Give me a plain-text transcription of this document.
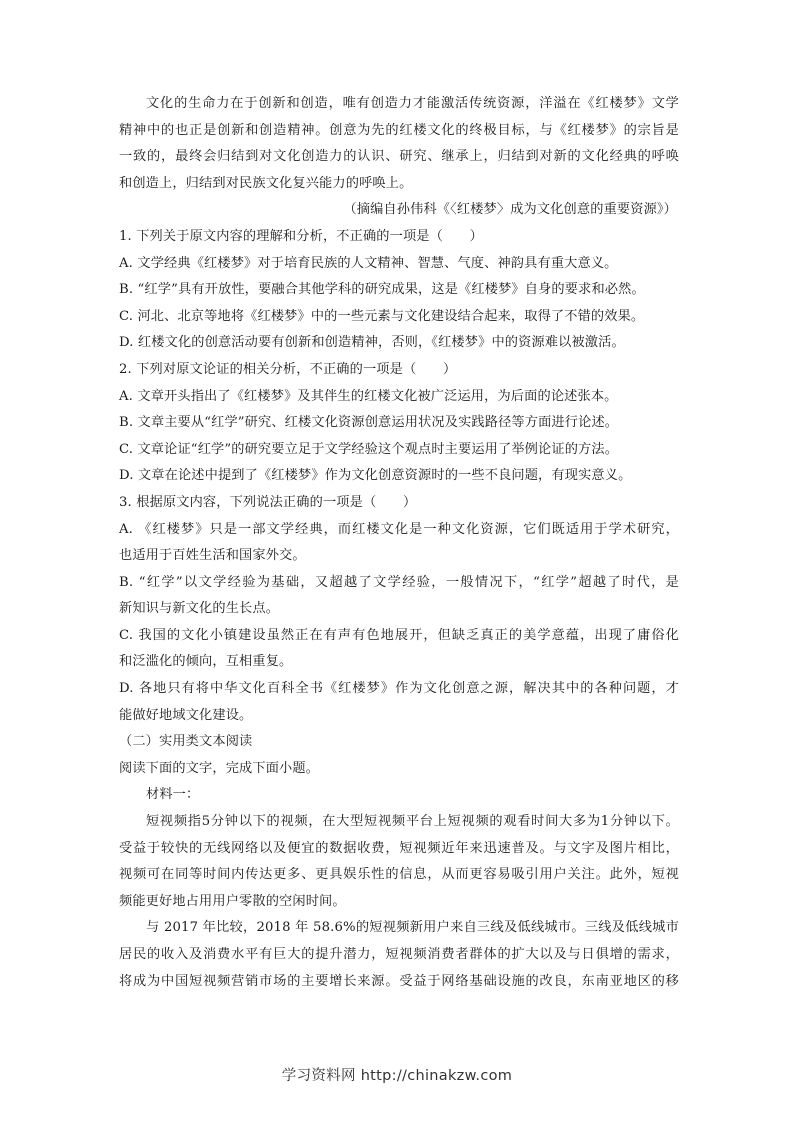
文化的生命力在于创新和创造，唯有创造力才能激活传统资源，洋溢在《红楼梦》文学

精神中的也正是创新和创造精神。创意为先的红楼文化的终极目标，与《红楼梦》的宗旨是

一致的，最终会归结到对文化创造力的认识、研究、继承上，归结到对新的文化经典的呼唤

和创造上，归结到对民族文化复兴能力的呼唤上。

（摘编自孙伟科《〈红楼梦〉成为文化创意的重要资源》）

1. 下列关于原文内容的理解和分析，不正确的一项是（　　）

A. 文学经典《红楼梦》对于培育民族的人文精神、智慧、气度、神韵具有重大意义。

B. “红学”具有开放性，要融合其他学科的研究成果，这是《红楼梦》自身的要求和必然。

C. 河北、北京等地将《红楼梦》中的一些元素与文化建设结合起来，取得了不错的效果。

D. 红楼文化的创意活动要有创新和创造精神，否则，《红楼梦》中的资源难以被激活。

2. 下列对原文论证的相关分析，不正确的一项是（　　）

A. 文章开头指出了《红楼梦》及其伴生的红楼文化被广泛运用，为后面的论述张本。

B. 文章主要从“红学”研究、红楼文化资源创意运用状况及实践路径等方面进行论述。

C. 文章论证“红学”的研究要立足于文学经验这个观点时主要运用了举例论证的方法。

D. 文章在论述中提到了《红楼梦》作为文化创意资源时的一些不良问题，有现实意义。

3. 根据原文内容，下列说法正确的一项是（　　）

A. 《红楼梦》只是一部文学经典，而红楼文化是一种文化资源，它们既适用于学术研究，

也适用于百姓生活和国家外交。

B. “红学”以文学经验为基础，又超越了文学经验，一般情况下，“红学”超越了时代，是

新知识与新文化的生长点。

C. 我国的文化小镇建设虽然正在有声有色地展开，但缺乏真正的美学意蕴，出现了庸俗化

和泛滥化的倾向，互相重复。

D. 各地只有将中华文化百科全书《红楼梦》作为文化创意之源，解决其中的各种问题，才

能做好地域文化建设。

（二）实用类文本阅读

阅读下面的文字，完成下面小题。

材料一：

短视频指5分钟以下的视频，在大型短视频平台上短视频的观看时间大多为1分钟以下。

受益于较快的无线网络以及便宜的数据收费，短视频近年来迅速普及。与文字及图片相比，

视频可在同等时间内传达更多、更具娱乐性的信息，从而更容易吸引用户关注。此外，短视

频能更好地占用用户零散的空闲时间。

与 2017 年比较，2018 年 58.6%的短视频新用户来自三线及低线城市。三线及低线城市

居民的收入及消费水平有巨大的提升潜力，短视频消费者群体的扩大以及与日俱增的需求，

将成为中国短视频营销市场的主要增长来源。受益于网络基础设施的改良，东南亚地区的移

学习资料网 http://chinakzw.com
